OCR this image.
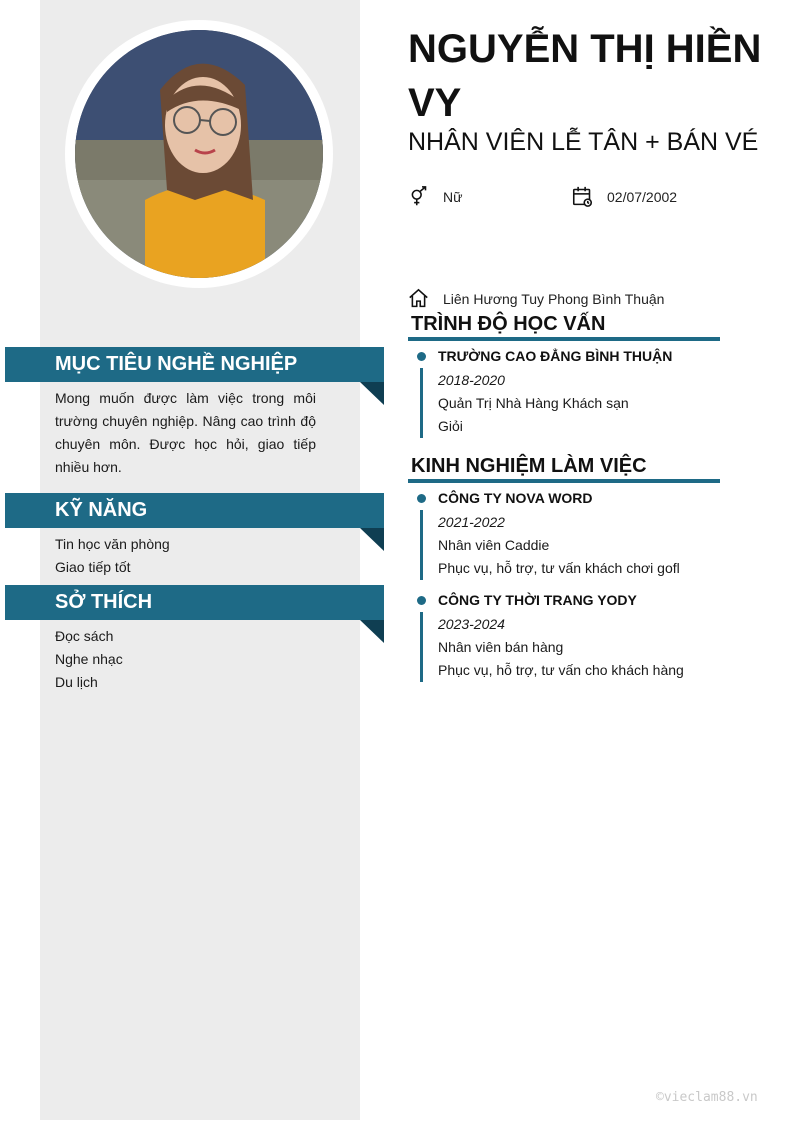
MỤC TIÊU NGHỀ NGHIỆP
Mong muốn được làm việc trong môi trường chuyên nghiệp. Nâng cao trình độ chuyên môn. Được học hỏi, giao tiếp nhiều hơn.
KỸ NĂNG
Tin học văn phòng
Giao tiếp tốt
SỞ THÍCH
Đọc sách
Nghe nhạc
Du lịch
NGUYỄN THỊ HIỀN VY
NHÂN VIÊN LỄ TÂN + BÁN VÉ
Nữ	02/07/2002
Liên Hương Tuy Phong Bình Thuận
TRÌNH ĐỘ HỌC VẤN
TRƯỜNG CAO ĐẲNG BÌNH THUẬN
2018-2020
Quản Trị Nhà Hàng Khách sạn
Giỏi
KINH NGHIỆM LÀM VIỆC
CÔNG TY NOVA WORD
2021-2022
Nhân viên Caddie
Phục vụ, hỗ trợ, tư vấn khách chơi gofl
CÔNG TY THỜI TRANG YODY
2023-2024
Nhân viên bán hàng
Phục vụ, hỗ trợ, tư vấn cho khách hàng
©vieclam88.vn
